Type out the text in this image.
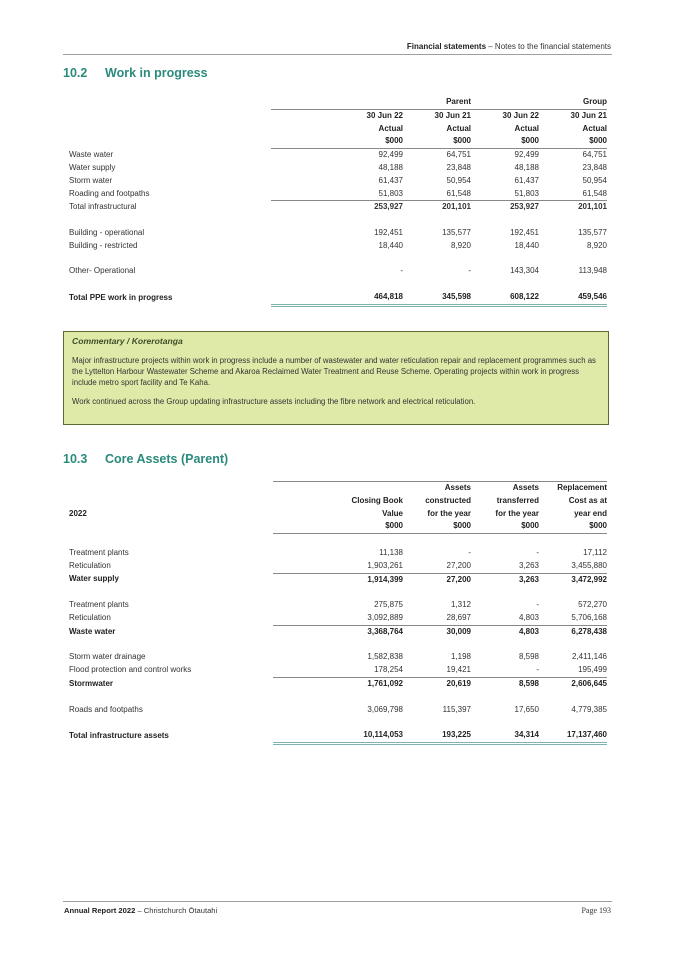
Financial statements – Notes to the financial statements
10.2 Work in progress
	Parent		Group	
	30 Jun 22	30 Jun 21	30 Jun 22	30 Jun 21
	Actual	Actual	Actual	Actual
	$000	$000	$000	$000
Waste water	92,499	64,751	92,499	64,751
Water supply	48,188	23,848	48,188	23,848
Storm water	61,437	50,954	61,437	50,954
Roading and footpaths	51,803	61,548	51,803	61,548
Total infrastructural	253,927	201,101	253,927	201,101

Building - operational	192,451	135,577	192,451	135,577
Building - restricted	18,440	8,920	18,440	8,920

Other- Operational	-	-	143,304	113,948

Total PPE work in progress	464,818	345,598	608,122	459,546
Commentary / Korerotanga

Major infrastructure projects within work in progress include a number of wastewater and water reticulation repair and replacement programmes such as the Lyttelton Harbour Wastewater Scheme and Akaroa Reclaimed Water Treatment and Reuse Scheme. Operating projects within work in progress include metro sport facility and Te Kaha.

Work continued across the Group updating infrastructure assets including the fibre network and electrical reticulation.

10.3 Core Assets (Parent)
		Assets	Assets	Replacement
	Closing Book	constructed	transferred	Cost as at
2022	Value	for the year	for the year	year end
	$000	$000	$000	$000

Treatment plants	11,138	-	-	17,112
Reticulation	1,903,261	27,200	3,263	3,455,880
Water supply	1,914,399	27,200	3,263	3,472,992

Treatment plants	275,875	1,312	-	572,270
Reticulation	3,092,889	28,697	4,803	5,706,168
Waste water	3,368,764	30,009	4,803	6,278,438

Storm water drainage	1,582,838	1,198	8,598	2,411,146
Flood protection and control works	178,254	19,421	-	195,499
Stormwater	1,761,092	20,619	8,598	2,606,645

Roads and footpaths	3,069,798	115,397	17,650	4,779,385

Total infrastructure assets	10,114,053	193,225	34,314	17,137,460
Annual Report 2022 – Christchurch Ōtautahi	Page 193
